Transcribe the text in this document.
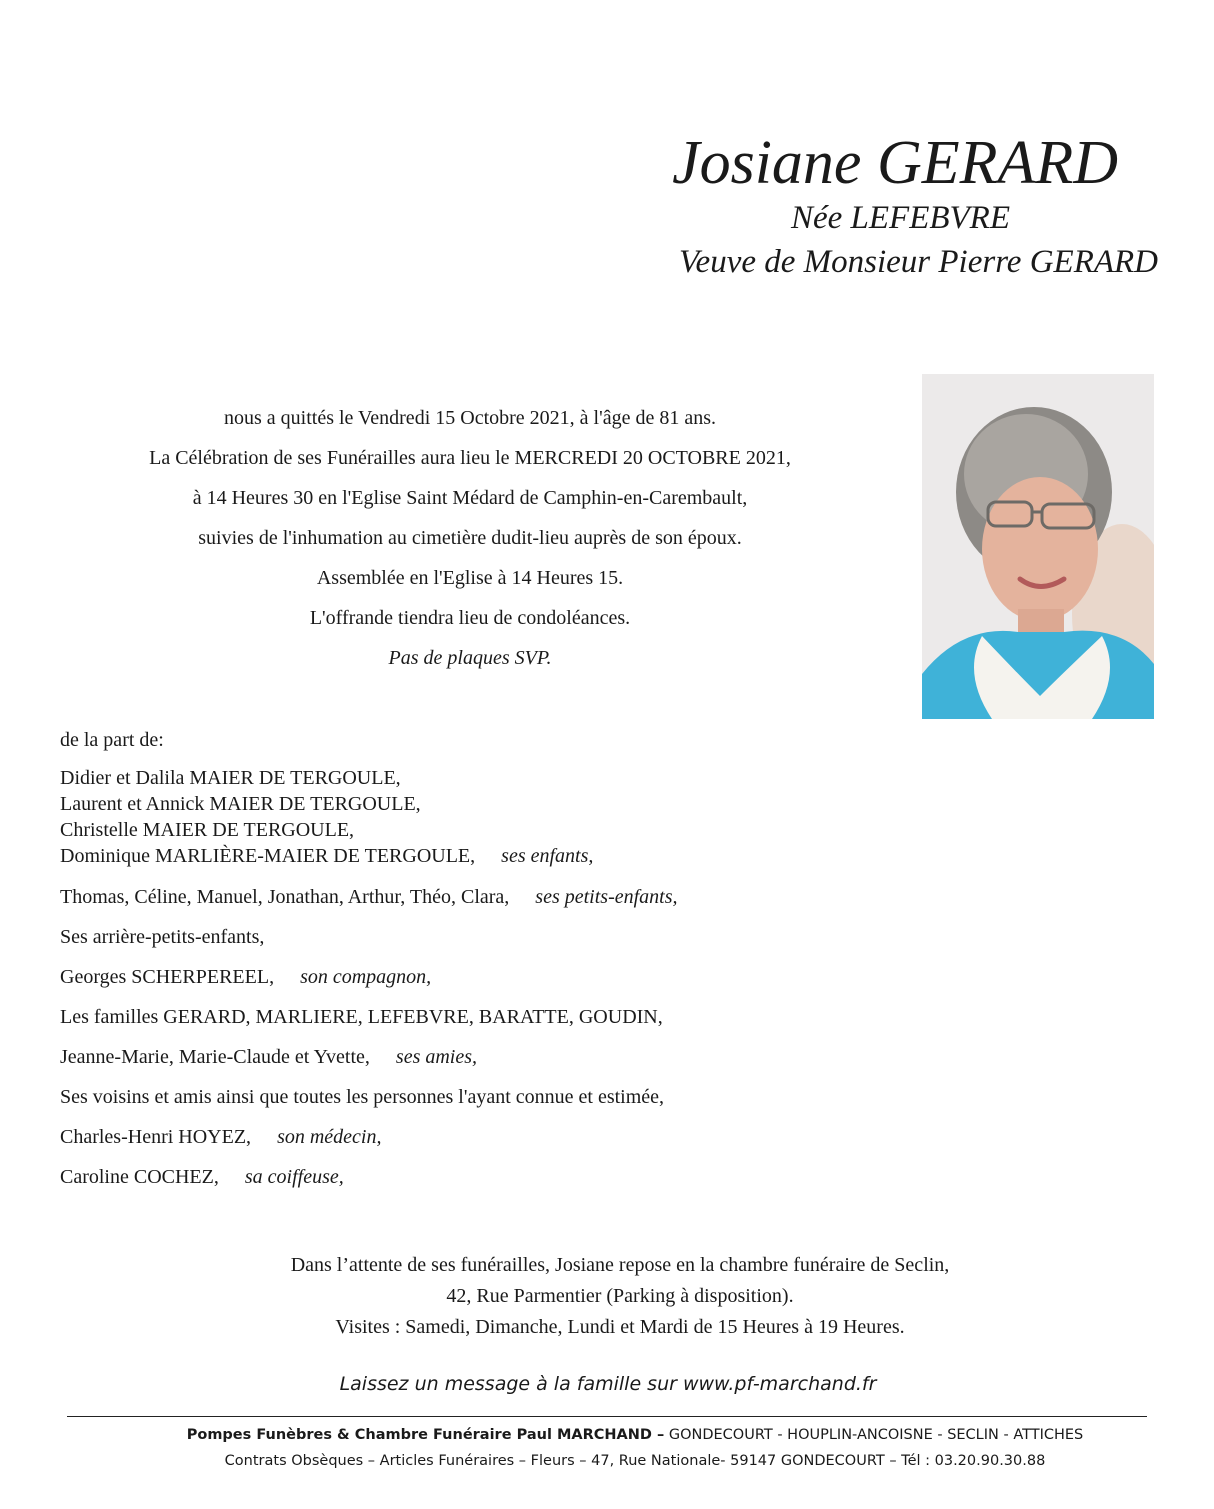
Josiane GERARD
Née LEFEBVRE
Veuve de Monsieur Pierre GERARD
nous a quittés le Vendredi 15 Octobre 2021, à l'âge de 81 ans.
La Célébration de ses Funérailles aura lieu le MERCREDI 20 OCTOBRE 2021,
à 14 Heures 30 en l'Eglise Saint Médard de Camphin-en-Carembault,
suivies de l'inhumation au cimetière dudit-lieu auprès de son époux.
Assemblée en l'Eglise à 14 Heures 15.
L'offrande tiendra lieu de condoléances.
Pas de plaques SVP.
de la part de:
Didier et Dalila MAIER DE TERGOULE,
Laurent et Annick MAIER DE TERGOULE,
Christelle MAIER DE TERGOULE,
Dominique MARLIÈRE-MAIER DE TERGOULE, ses enfants,
Thomas, Céline, Manuel, Jonathan, Arthur, Théo, Clara, ses petits-enfants,
Ses arrière-petits-enfants,
Georges SCHERPEREEL, son compagnon,
Les familles GERARD, MARLIERE, LEFEBVRE, BARATTE, GOUDIN,
Jeanne-Marie, Marie-Claude et Yvette, ses amies,
Ses voisins et amis ainsi que toutes les personnes l'ayant connue et estimée,
Charles-Henri HOYEZ, son médecin,
Caroline COCHEZ, sa coiffeuse,
Dans l’attente de ses funérailles, Josiane repose en la chambre funéraire de Seclin,
42, Rue Parmentier (Parking à disposition).
Visites : Samedi, Dimanche, Lundi et Mardi de 15 Heures à 19 Heures.
Laissez un message à la famille sur www.pf-marchand.fr
Pompes Funèbres & Chambre Funéraire Paul MARCHAND – GONDECOURT - HOUPLIN-ANCOISNE - SECLIN - ATTICHES
Contrats Obsèques – Articles Funéraires – Fleurs – 47, Rue Nationale- 59147 GONDECOURT – Tél : 03.20.90.30.88
